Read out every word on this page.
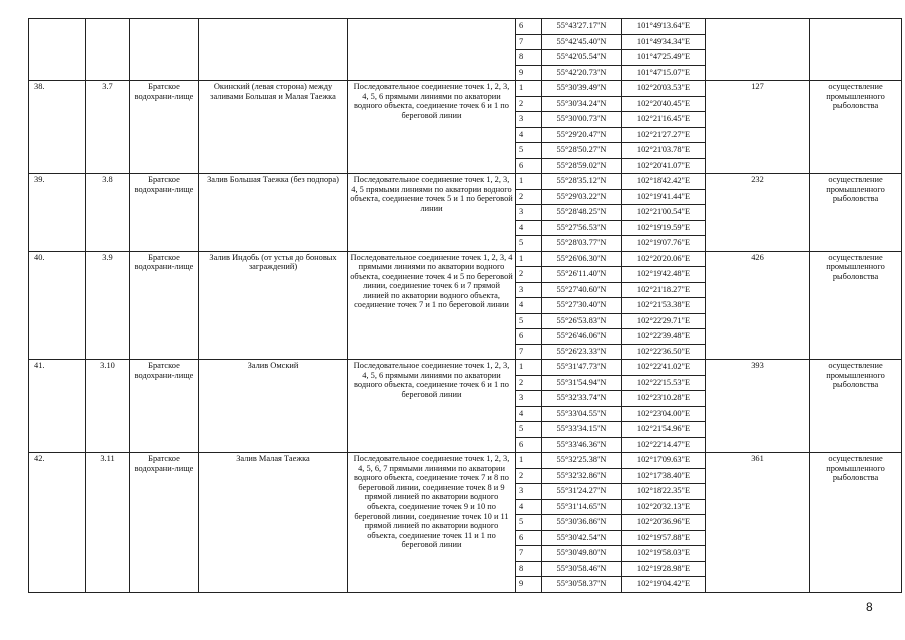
					6	55°43'27.17"N	101°49'13.64"E		
					7	55°42'45.40"N	101°49'34.34"E		
					8	55°42'05.54"N	101°47'25.49"E		
					9	55°42'20.73"N	101°47'15.07"E		
38.	3.7	Братское водохрани-лище	Окинский (левая сторона) между заливами Большая и Малая Таежка	Последовательное соединение точек 1, 2, 3, 4, 5, 6 прямыми линиями по акватории водного объекта, соединение точек 6 и 1 по береговой линии	1	55°30'39.49"N	102°20'03.53"E	127	осуществление промышленного рыболовства
					2	55°30'34.24"N	102°20'40.45"E		
					3	55°30'00.73"N	102°21'16.45"E		
					4	55°29'20.47"N	102°21'27.27"E		
					5	55°28'50.27"N	102°21'03.78"E		
					6	55°28'59.02"N	102°20'41.07"E		
39.	3.8	Братское водохрани-лище	Залив Большая Таежка (без подпора)	Последовательное соединение точек 1, 2, 3, 4, 5 прямыми линиями по акватории водного объекта, соединение точек 5 и 1 по береговой линии	1	55°28'35.12"N	102°18'42.42"E	232	осуществление промышленного рыболовства
					2	55°29'03.22"N	102°19'41.44"E		
					3	55°28'48.25"N	102°21'00.54"E		
					4	55°27'56.53"N	102°19'19.59"E		
					5	55°28'03.77"N	102°19'07.76"E		
40.	3.9	Братское водохрани-лище	Залив Индобь (от устья до боновых заграждений)	Последовательное соединение точек 1, 2, 3, 4 прямыми линиями по акватории водного объекта, соединение точек 4 и 5 по береговой линии, соединение точек 6 и 7 прямой линией по акватории водного объекта, соединение точек 7 и 1 по береговой линии	1	55°26'06.30"N	102°20'20.06"E	426	осуществление промышленного рыболовства
					2	55°26'11.40"N	102°19'42.48"E		
					3	55°27'40.60"N	102°21'18.27"E		
					4	55°27'30.40"N	102°21'53.38"E		
					5	55°26'53.83"N	102°22'29.71"E		
					6	55°26'46.06"N	102°22'39.48"E		
					7	55°26'23.33"N	102°22'36.50"E		
41.	3.10	Братское водохрани-лище	Залив Омский	Последовательное соединение точек 1, 2, 3, 4, 5, 6 прямыми линиями по акватории водного объекта, соединение точек 6 и 1 по береговой линии	1	55°31'47.73"N	102°22'41.02"E	393	осуществление промышленного рыболовства
					2	55°31'54.94"N	102°22'15.53"E		
					3	55°32'33.74"N	102°23'10.28"E		
					4	55°33'04.55"N	102°23'04.00"E		
					5	55°33'34.15"N	102°21'54.96"E		
					6	55°33'46.36"N	102°22'14.47"E		
42.	3.11	Братское водохрани-лище	Залив Малая Таежка	Последовательное соединение точек 1, 2, 3, 4, 5, 6, 7 прямыми линиями по акватории водного объекта, соединение точек 7 и 8 по береговой линии, соединение точек 8 и 9 прямой линией по акватории водного объекта, соединение точек 9 и 10 по береговой линии, соединение точек 10 и 11 прямой линией по акватории водного объекта, соединение точек 11 и 1 по береговой линии	1	55°32'25.38"N	102°17'09.63"E	361	осуществление промышленного рыболовства
					2	55°32'32.86"N	102°17'38.40"E		
					3	55°31'24.27"N	102°18'22.35"E		
					4	55°31'14.65"N	102°20'32.13"E		
					5	55°30'36.86"N	102°20'36.96"E		
					6	55°30'42.54"N	102°19'57.88"E		
					7	55°30'49.80"N	102°19'58.03"E		
					8	55°30'58.46"N	102°19'28.98"E		
					9	55°30'58.37"N	102°19'04.42"E		
8
